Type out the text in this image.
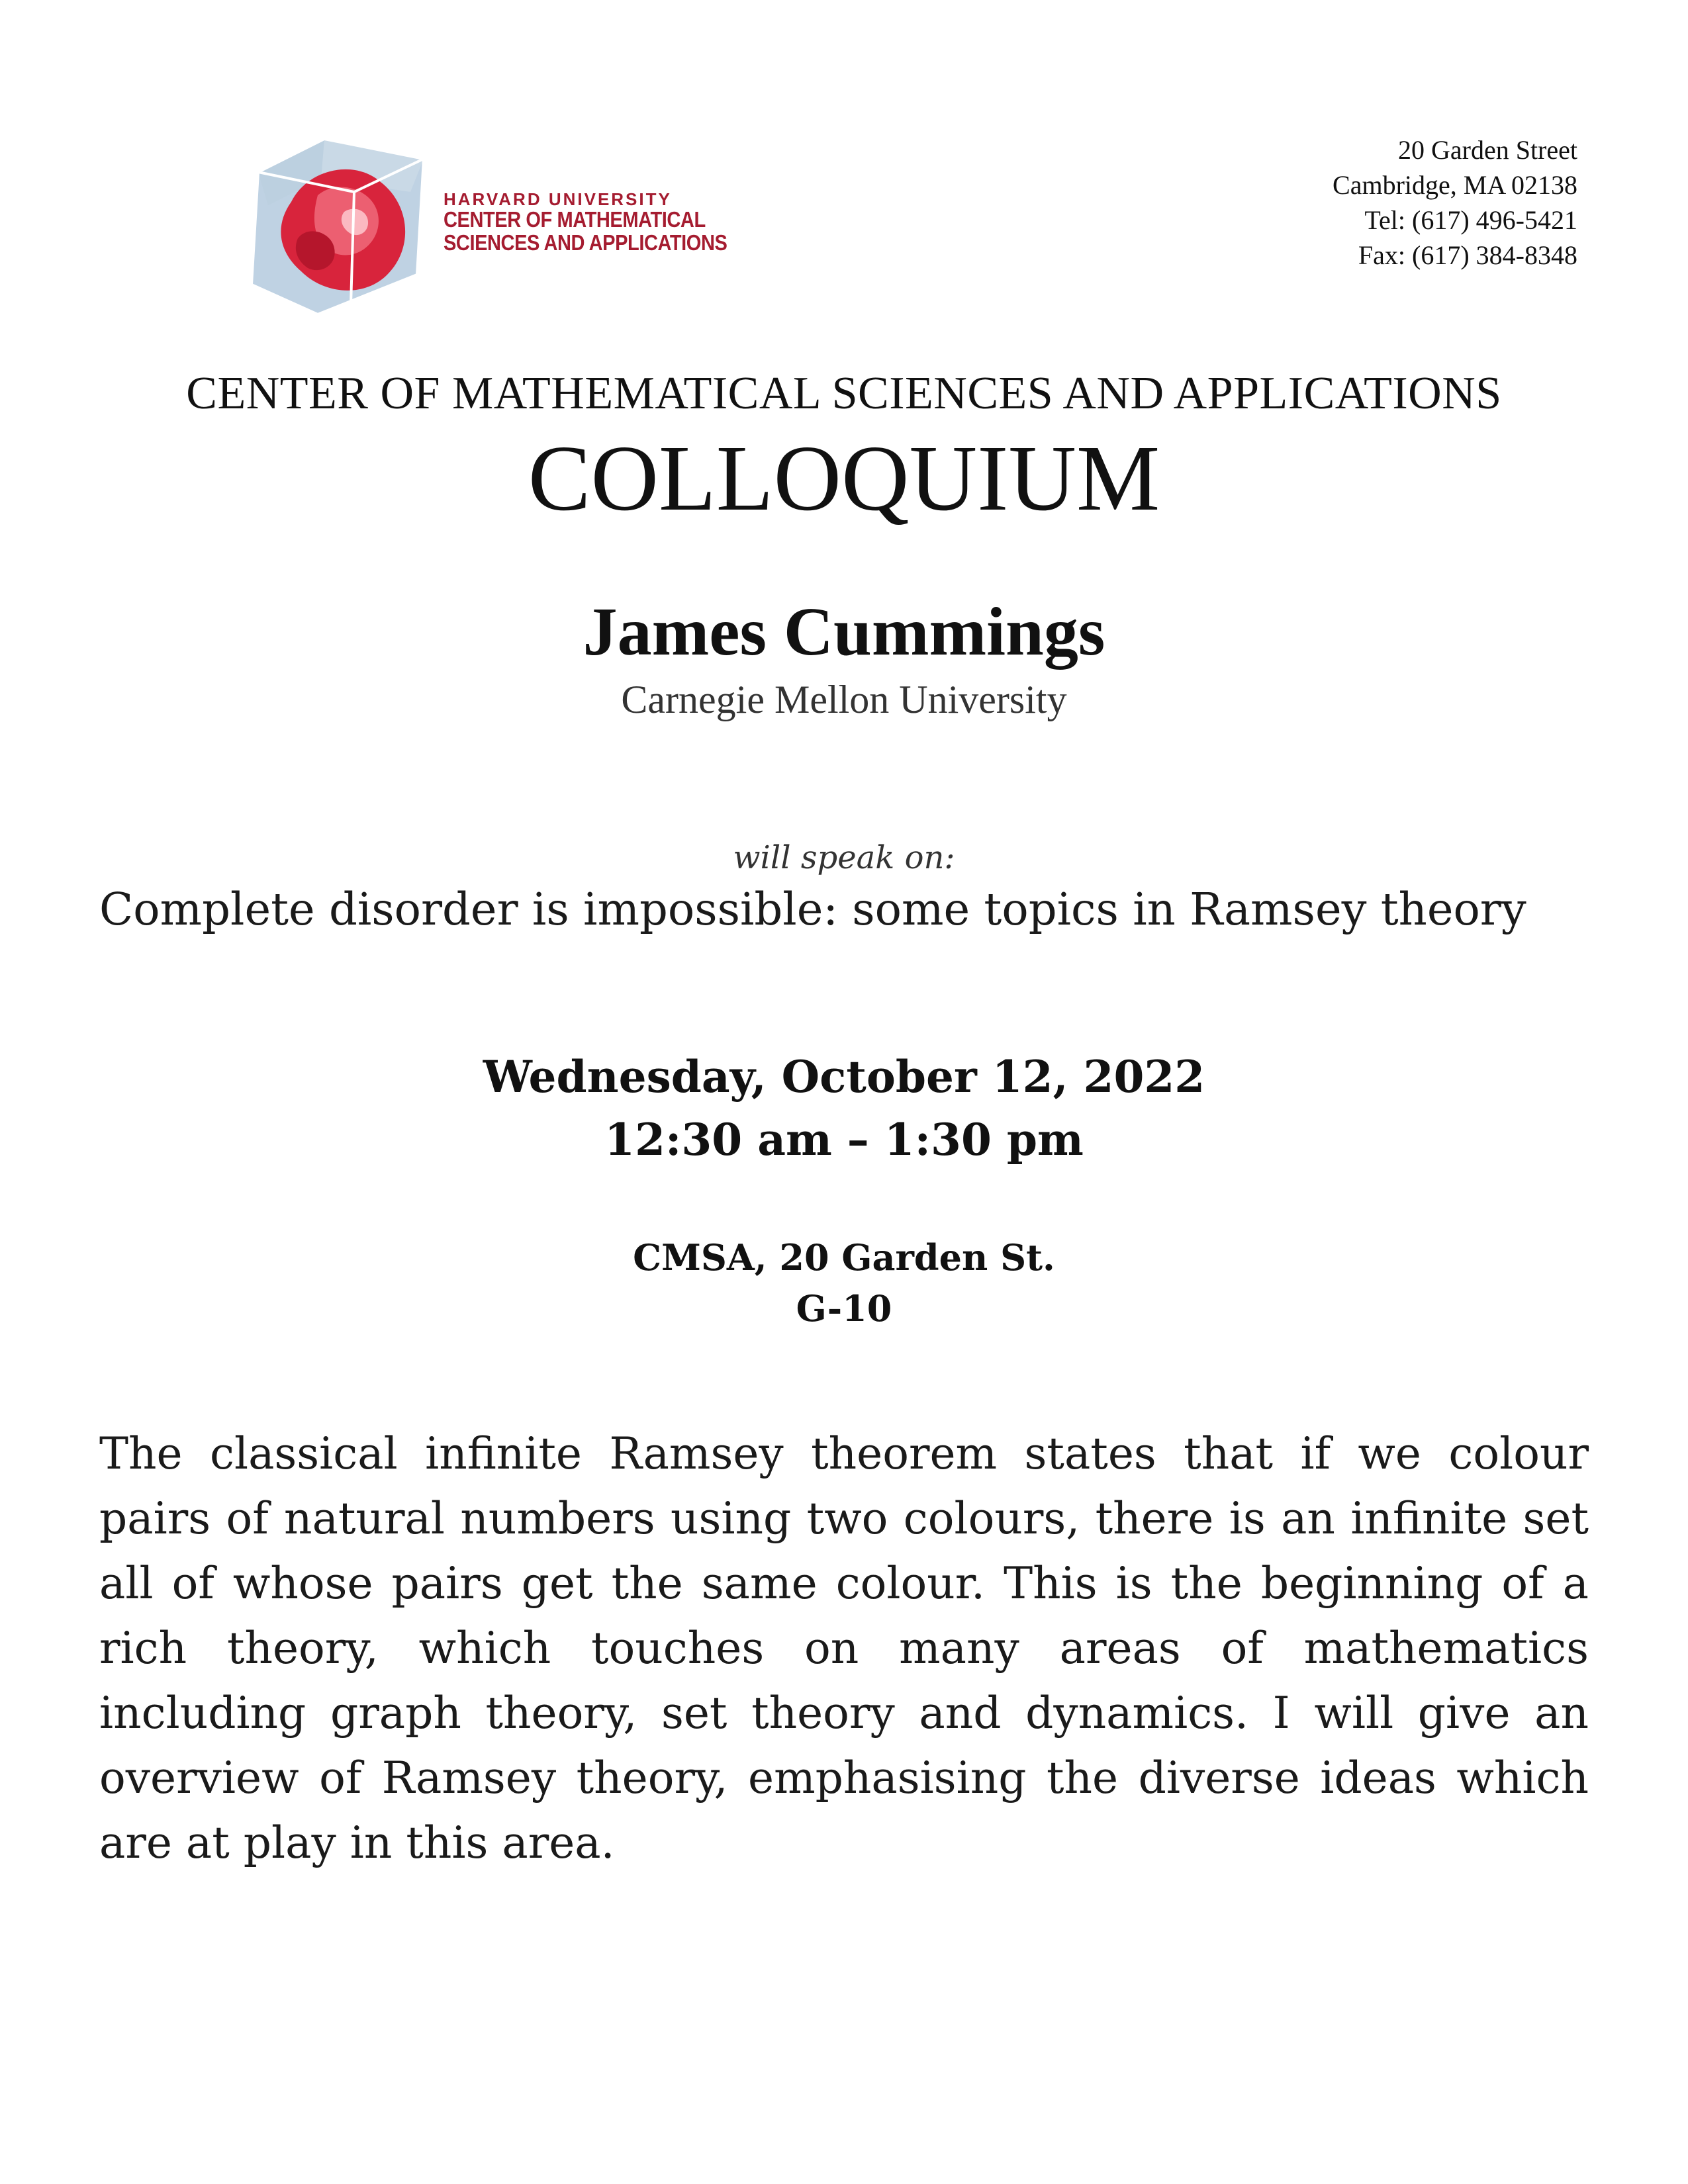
HARVARD UNIVERSITY
CENTER OF MATHEMATICAL
SCIENCES AND APPLICATIONS
20 Garden Street
Cambridge, MA 02138
Tel: (617) 496-5421
Fax: (617) 384-8348
CENTER OF MATHEMATICAL SCIENCES AND APPLICATIONS
COLLOQUIUM
James Cummings
Carnegie Mellon University
will speak on:
Complete disorder is impossible: some topics in Ramsey theory
Wednesday, October 12, 2022
12:30 am – 1:30 pm
CMSA, 20 Garden St.
G-10
The classical infinite Ramsey theorem states that if we colour pairs of natural numbers using two colours, there is an infinite set all of whose pairs get the same colour. This is the beginning of a rich theory, which touches on many areas of mathematics including graph theory, set theory and dynamics. I will give an overview of Ramsey theory, emphasising the diverse ideas which are at play in this area.
